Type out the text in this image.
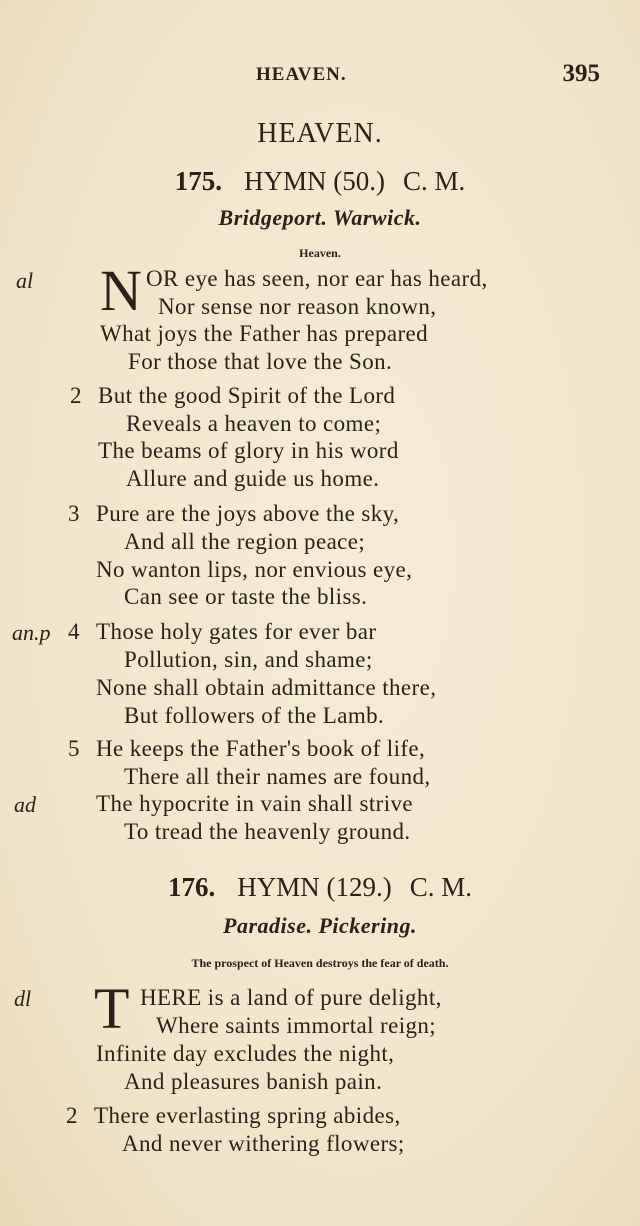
HEAVEN.	395
HEAVEN.
175. HYMN (50.) C. M.
Bridgeport. Warwick.
Heaven.
al N OR eye has seen, nor ear has heard,
Nor sense nor reason known,
What joys the Father has prepared
For those that love the Son.
2 But the good Spirit of the Lord
Reveals a heaven to come;
The beams of glory in his word
Allure and guide us home.
3 Pure are the joys above the sky,
And all the region peace;
No wanton lips, nor envious eye,
Can see or taste the bliss.
an.p 4 Those holy gates for ever bar
Pollution, sin, and shame;
None shall obtain admittance there,
But followers of the Lamb.
5 He keeps the Father's book of life,
There all their names are found,
ad	The hypocrite in vain shall strive
To tread the heavenly ground.
176. HYMN (129.) C. M.
Paradise. Pickering.
The prospect of Heaven destroys the fear of death.
dl T HERE is a land of pure delight,
Where saints immortal reign;
Infinite day excludes the night,
And pleasures banish pain.
2 There everlasting spring abides,
And never withering flowers;
